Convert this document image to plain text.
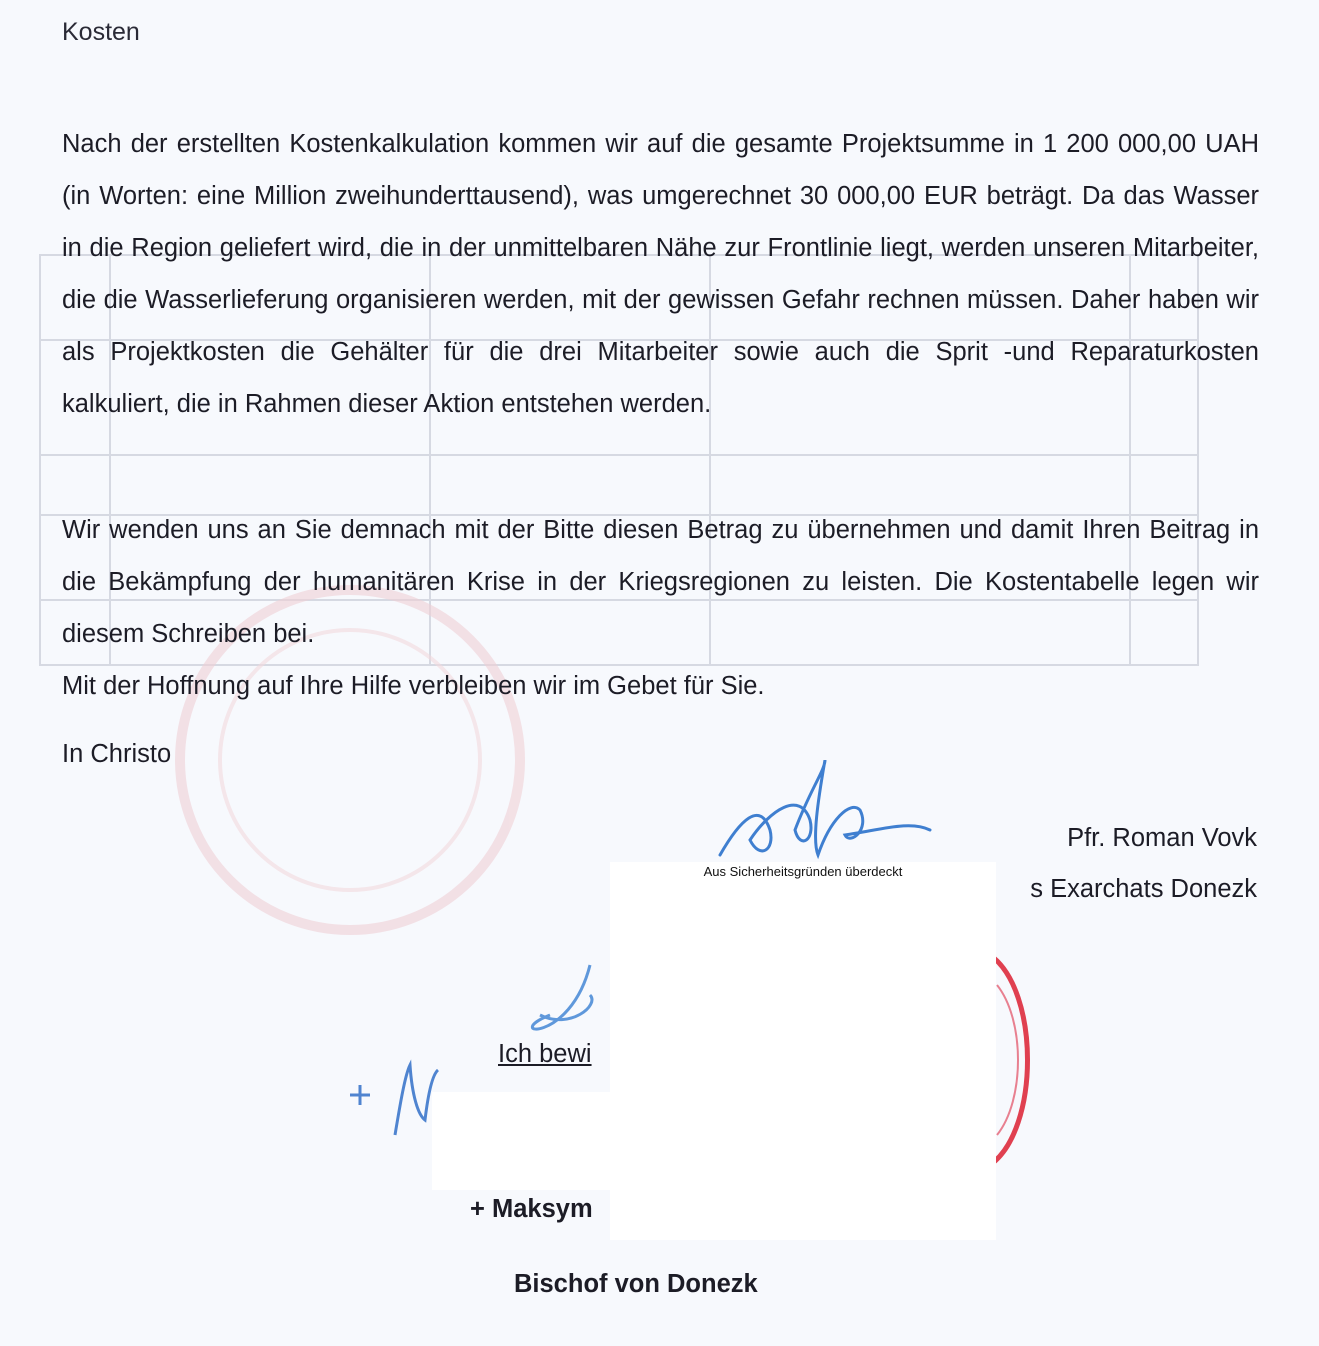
Kosten

Nach der erstellten Kostenkalkulation kommen wir auf die gesamte Projektsumme in 1 200 000,00 UAH (in Worten: eine Million zweihunderttausend), was umgerechnet 30 000,00 EUR beträgt. Da das Wasser in die Region geliefert wird, die in der unmittelbaren Nähe zur Frontlinie liegt, werden unseren Mitarbeiter, die die Wasserlieferung organisieren werden, mit der gewissen Gefahr rechnen müssen. Daher haben wir als Projektkosten die Gehälter für die drei Mitarbeiter sowie auch die Sprit -und Reparaturkosten kalkuliert, die in Rahmen dieser Aktion entstehen werden.

Wir wenden uns an Sie demnach mit der Bitte diesen Betrag zu übernehmen und damit Ihren Beitrag in die Bekämpfung der humanitären Krise in der Kriegsregionen zu leisten. Die Kostentabelle legen wir diesem Schreiben bei.

Mit der Hoffnung auf Ihre Hilfe verbleiben wir im Gebet für Sie.

In Christo
Pfr. Roman Vovk
s Exarchats Donezk
Ich bewi
+ Maksym
Bischof von Donezk
Aus Sicherheitsgründen überdeckt
